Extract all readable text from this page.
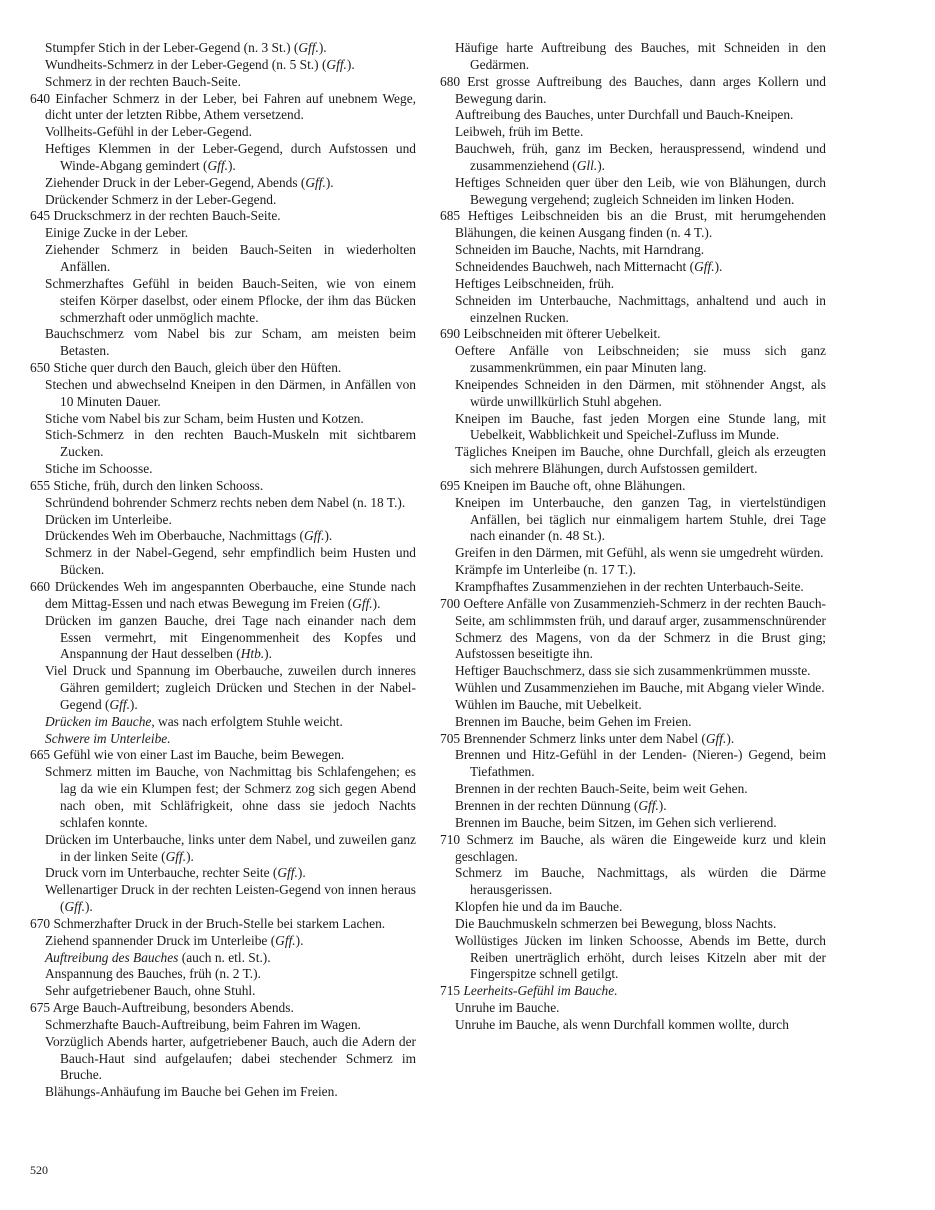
Stumpfer Stich in der Leber-Gegend (n. 3 St.) (Gff.).

Wundheits-Schmerz in der Leber-Gegend (n. 5 St.) (Gff.).

Schmerz in der rechten Bauch-Seite.

640 Einfacher Schmerz in der Leber, bei Fahren auf unebnem Wege, dicht unter der letzten Ribbe, Athem versetzend.

Vollheits-Gefühl in der Leber-Gegend.

Heftiges Klemmen in der Leber-Gegend, durch Aufstossen und Winde-Abgang gemindert (Gff.).

Ziehender Druck in der Leber-Gegend, Abends (Gff.).

Drückender Schmerz in der Leber-Gegend.

645 Druckschmerz in der rechten Bauch-Seite.

Einige Zucke in der Leber.

Ziehender Schmerz in beiden Bauch-Seiten in wiederholten Anfällen.

Schmerzhaftes Gefühl in beiden Bauch-Seiten, wie von einem steifen Körper daselbst, oder einem Pflocke, der ihm das Bücken schmerzhaft oder unmöglich machte.

Bauchschmerz vom Nabel bis zur Scham, am meisten beim Betasten.

650 Stiche quer durch den Bauch, gleich über den Hüften.

Stechen und abwechselnd Kneipen in den Därmen, in Anfällen von 10 Minuten Dauer.

Stiche vom Nabel bis zur Scham, beim Husten und Kotzen.

Stich-Schmerz in den rechten Bauch-Muskeln mit sichtbarem Zucken.

Stiche im Schoosse.

655 Stiche, früh, durch den linken Schooss.

Schründend bohrender Schmerz rechts neben dem Nabel (n. 18 T.).

Drücken im Unterleibe.

Drückendes Weh im Oberbauche, Nachmittags (Gff.).

Schmerz in der Nabel-Gegend, sehr empfindlich beim Husten und Bücken.

660 Drückendes Weh im angespannten Oberbauche, eine Stunde nach dem Mittag-Essen und nach etwas Bewegung im Freien (Gff.).

Drücken im ganzen Bauche, drei Tage nach einander nach dem Essen vermehrt, mit Eingenommenheit des Kopfes und Anspannung der Haut desselben (Htb.).

Viel Druck und Spannung im Oberbauche, zuweilen durch inneres Gähren gemildert; zugleich Drücken und Stechen in der Nabel-Gegend (Gff.).

Drücken im Bauche, was nach erfolgtem Stuhle weicht.

Schwere im Unterleibe.

665 Gefühl wie von einer Last im Bauche, beim Bewegen.

Schmerz mitten im Bauche, von Nachmittag bis Schlafengehen; es lag da wie ein Klumpen fest; der Schmerz zog sich gegen Abend nach oben, mit Schläfrigkeit, ohne dass sie jedoch Nachts schlafen konnte.

Drücken im Unterbauche, links unter dem Nabel, und zuweilen ganz in der linken Seite (Gff.).

Druck vorn im Unterbauche, rechter Seite (Gff.).

Wellenartiger Druck in der rechten Leisten-Gegend von innen heraus (Gff.).

670 Schmerzhafter Druck in der Bruch-Stelle bei starkem Lachen.

Ziehend spannender Druck im Unterleibe (Gff.).

Auftreibung des Bauches (auch n. etl. St.).

Anspannung des Bauches, früh (n. 2 T.).

Sehr aufgetriebener Bauch, ohne Stuhl.

675 Arge Bauch-Auftreibung, besonders Abends.

Schmerzhafte Bauch-Auftreibung, beim Fahren im Wagen.

Vorzüglich Abends harter, aufgetriebener Bauch, auch die Adern der Bauch-Haut sind aufgelaufen; dabei stechender Schmerz im Bruche.

Blähungs-Anhäufung im Bauche bei Gehen im Freien.

Häufige harte Auftreibung des Bauches, mit Schneiden in den Gedärmen.

680 Erst grosse Auftreibung des Bauches, dann arges Kollern und Bewegung darin.

Auftreibung des Bauches, unter Durchfall und Bauch-Kneipen.

Leibweh, früh im Bette.

Bauchweh, früh, ganz im Becken, herauspressend, windend und zusammenziehend (Gll.).

Heftiges Schneiden quer über den Leib, wie von Blähungen, durch Bewegung vergehend; zugleich Schneiden im linken Hoden.

685 Heftiges Leibschneiden bis an die Brust, mit herumgehenden Blähungen, die keinen Ausgang finden (n. 4 T.).

Schneiden im Bauche, Nachts, mit Harndrang.

Schneidendes Bauchweh, nach Mitternacht (Gff.).

Heftiges Leibschneiden, früh.

Schneiden im Unterbauche, Nachmittags, anhaltend und auch in einzelnen Rucken.

690 Leibschneiden mit öfterer Uebelkeit.

Oeftere Anfälle von Leibschneiden; sie muss sich ganz zusammenkrümmen, ein paar Minuten lang.

Kneipendes Schneiden in den Därmen, mit stöhnender Angst, als würde unwillkürlich Stuhl abgehen.

Kneipen im Bauche, fast jeden Morgen eine Stunde lang, mit Uebelkeit, Wabblichkeit und Speichel-Zufluss im Munde.

Tägliches Kneipen im Bauche, ohne Durchfall, gleich als erzeugten sich mehrere Blähungen, durch Aufstossen gemildert.

695 Kneipen im Bauche oft, ohne Blähungen.

Kneipen im Unterbauche, den ganzen Tag, in viertelstündigen Anfällen, bei täglich nur einmaligem hartem Stuhle, drei Tage nach einander (n. 48 St.).

Greifen in den Därmen, mit Gefühl, als wenn sie umgedreht würden.

Krämpfe im Unterleibe (n. 17 T.).

Krampfhaftes Zusammenziehen in der rechten Unterbauch-Seite.

700 Oeftere Anfälle von Zusammenzieh-Schmerz in der rechten Bauch-Seite, am schlimmsten früh, und darauf arger, zusammenschnürender Schmerz des Magens, von da der Schmerz in die Brust ging; Aufstossen beseitigte ihn.

Heftiger Bauchschmerz, dass sie sich zusammenkrümmen musste.

Wühlen und Zusammenziehen im Bauche, mit Abgang vieler Winde.

Wühlen im Bauche, mit Uebelkeit.

Brennen im Bauche, beim Gehen im Freien.

705 Brennender Schmerz links unter dem Nabel (Gff.).

Brennen und Hitz-Gefühl in der Lenden- (Nieren-) Gegend, beim Tiefathmen.

Brennen in der rechten Bauch-Seite, beim weit Gehen.

Brennen in der rechten Dünnung (Gff.).

Brennen im Bauche, beim Sitzen, im Gehen sich verlierend.

710 Schmerz im Bauche, als wären die Eingeweide kurz und klein geschlagen.

Schmerz im Bauche, Nachmittags, als würden die Därme herausgerissen.

Klopfen hie und da im Bauche.

Die Bauchmuskeln schmerzen bei Bewegung, bloss Nachts.

Wollüstiges Jücken im linken Schoosse, Abends im Bette, durch Reiben unerträglich erhöht, durch leises Kitzeln aber mit der Fingerspitze schnell getilgt.

715 Leerheits-Gefühl im Bauche.

Unruhe im Bauche.

Unruhe im Bauche, als wenn Durchfall kommen wollte, durch

520
